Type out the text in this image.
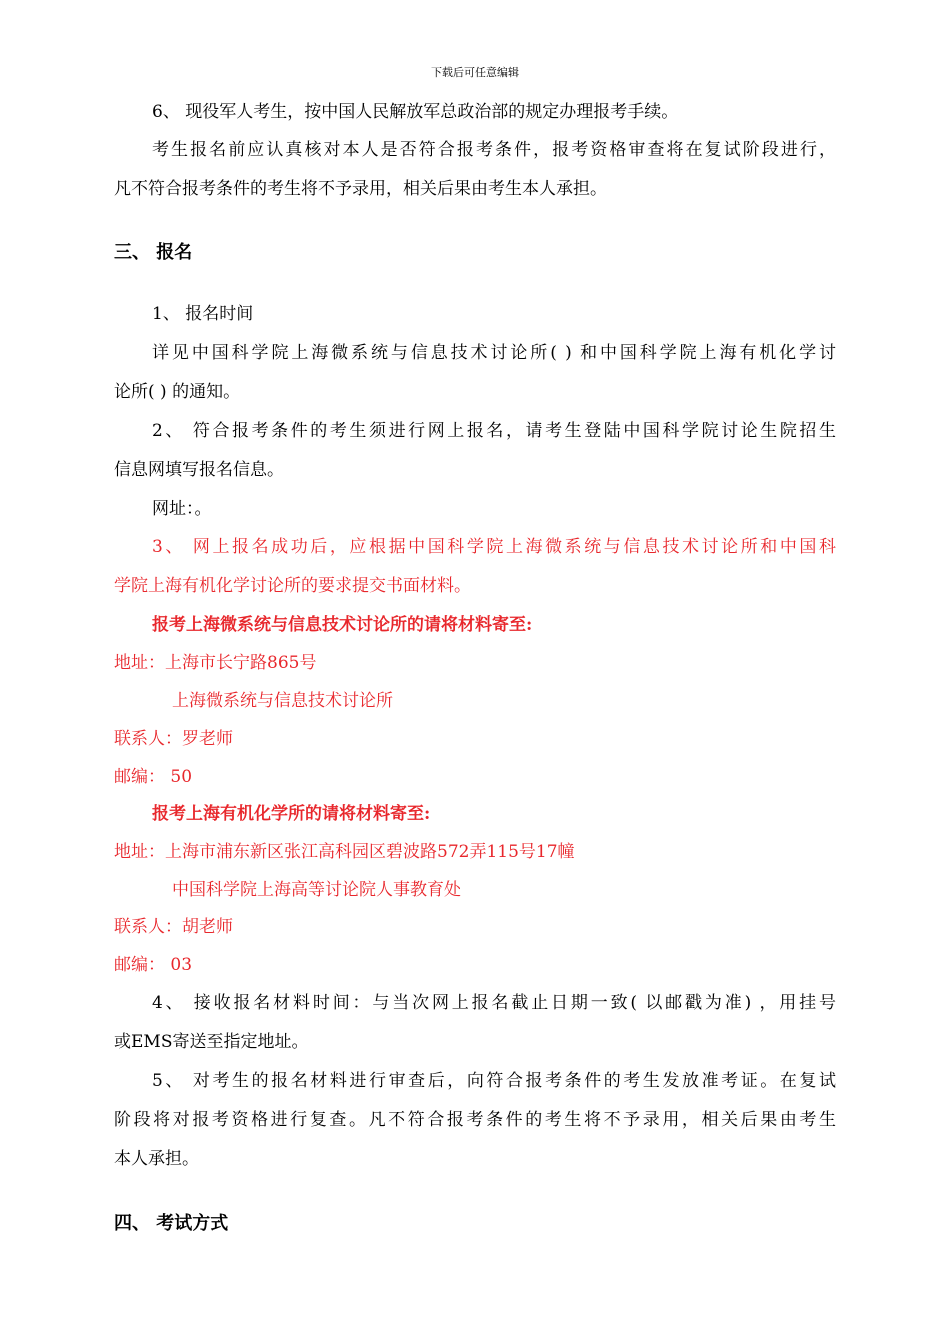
下载后可任意编辑
6、 现役军人考生，按中国人民解放军总政治部的规定办理报考手续。
考生报名前应认真核对本人是否符合报考条件，报考资格审查将在复试阶段进行，
凡不符合报考条件的考生将不予录用，相关后果由考生本人承担。
三、 报名
1、 报名时间
详见中国科学院上海微系统与信息技术讨论所( ) 和中国科学院上海有机化学讨
论所( ) 的通知。
2、 符合报考条件的考生须进行网上报名，请考生登陆中国科学院讨论生院招生
信息网填写报名信息。
网址：。
3、 网上报名成功后，应根据中国科学院上海微系统与信息技术讨论所和中国科
学院上海有机化学讨论所的要求提交书面材料。
报考上海微系统与信息技术讨论所的请将材料寄至:
地址：上海市长宁路865号
上海微系统与信息技术讨论所
联系人：罗老师
邮编： 50
报考上海有机化学所的请将材料寄至:
地址：上海市浦东新区张江高科园区碧波路572弄115号17幢
中国科学院上海高等讨论院人事教育处
联系人：胡老师
邮编： 03
4、 接收报名材料时间：与当次网上报名截止日期一致( 以邮戳为准) ，用挂号
或EMS寄送至指定地址。
5、 对考生的报名材料进行审查后，向符合报考条件的考生发放准考证。在复试
阶段将对报考资格进行复查。凡不符合报考条件的考生将不予录用，相关后果由考生
本人承担。
四、 考试方式
